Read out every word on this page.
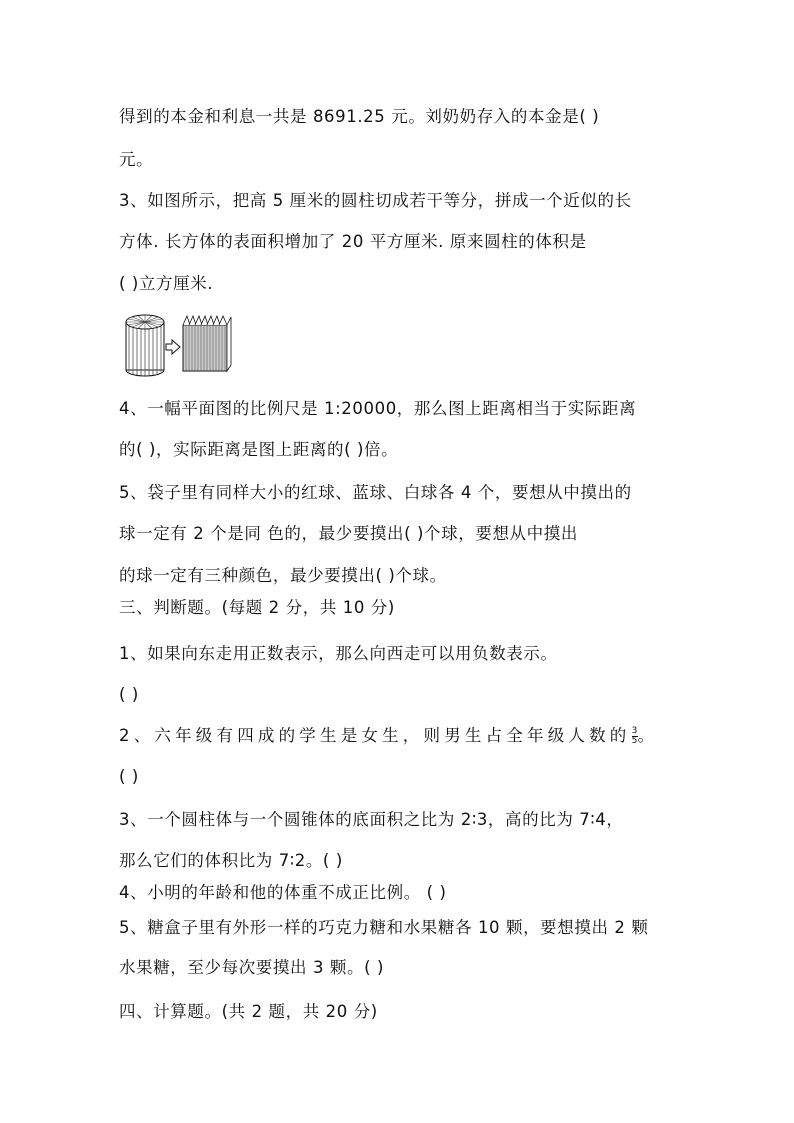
得到的本金和利息一共是 8691.25 元。刘奶奶存入的本金是( )
元。
3、如图所示，把高 5 厘米的圆柱切成若干等分，拼成一个近似的长
方体. 长方体的表面积增加了 20 平方厘米. 原来圆柱的体积是
( )立方厘米.
4、一幅平面图的比例尺是 1:20000，那么图上距离相当于实际距离
的( )，实际距离是图上距离的( )倍。
5、袋子里有同样大小的红球、蓝球、白球各 4 个，要想从中摸出的
球一定有 2 个是同 色的，最少要摸出( )个球，要想从中摸出
的球一定有三种颜色，最少要摸出( )个球。
三、判断题。(每题 2 分，共 10 分)
1、如果向东走用正数表示，那么向西走可以用负数表示。
( )
2、六年级有四成的学生是女生，则男生占全年级人数的 $\frac{3}{5}$ 。
( )
3、一个圆柱体与一个圆锥体的底面积之比为 2∶3，高的比为 7∶4，
那么它们的体积比为 7∶2。( )
4、小明的年龄和他的体重不成正比例。 ( )
5、糖盒子里有外形一样的巧克力糖和水果糖各 10 颗，要想摸出 2 颗
水果糖，至少每次要摸出 3 颗。( )
四、计算题。(共 2 题，共 20 分)
